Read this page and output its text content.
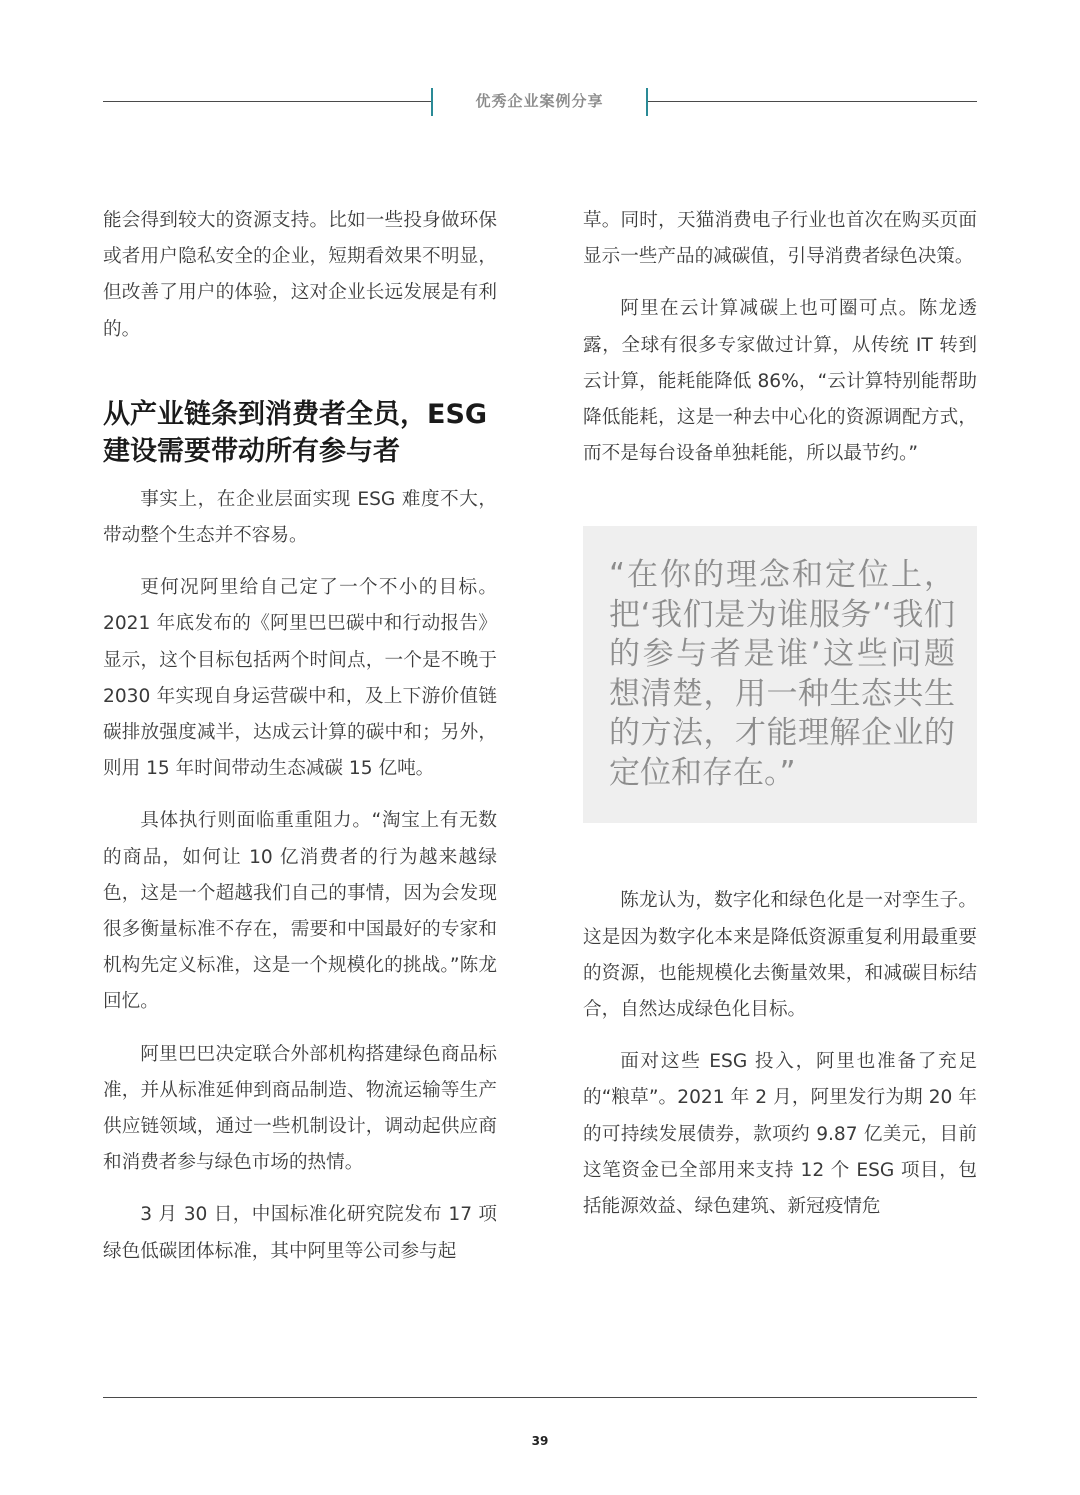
优秀企业案例分享

能会得到较大的资源支持。比如一些投身做环保或者用户隐私安全的企业，短期看效果不明显，但改善了用户的体验，这对企业长远发展是有利的。

从产业链条到消费者全员，ESG建设需要带动所有参与者

事实上，在企业层面实现 ESG 难度不大，带动整个生态并不容易。

更何况阿里给自己定了一个不小的目标。2021 年底发布的《阿里巴巴碳中和行动报告》显示，这个目标包括两个时间点，一个是不晚于 2030 年实现自身运营碳中和，及上下游价值链碳排放强度减半，达成云计算的碳中和；另外，则用 15 年时间带动生态减碳 15 亿吨。

具体执行则面临重重阻力。“淘宝上有无数的商品，如何让 10 亿消费者的行为越来越绿色，这是一个超越我们自己的事情，因为会发现很多衡量标准不存在，需要和中国最好的专家和机构先定义标准，这是一个规模化的挑战。”陈龙回忆。

阿里巴巴决定联合外部机构搭建绿色商品标准，并从标准延伸到商品制造、物流运输等生产供应链领域，通过一些机制设计，调动起供应商和消费者参与绿色市场的热情。

3 月 30 日，中国标准化研究院发布 17 项绿色低碳团体标准，其中阿里等公司参与起

草。同时，天猫消费电子行业也首次在购买页面显示一些产品的减碳值，引导消费者绿色决策。

阿里在云计算减碳上也可圈可点。陈龙透露，全球有很多专家做过计算，从传统 IT 转到云计算，能耗能降低 86%，“云计算特别能帮助降低能耗，这是一种去中心化的资源调配方式，而不是每台设备单独耗能，所以最节约。”

“在你的理念和定位上，把‘我们是为谁服务’‘我们的参与者是谁’这些问题想清楚，用一种生态共生的方法，才能理解企业的定位和存在。”

陈龙认为，数字化和绿色化是一对孪生子。这是因为数字化本来是降低资源重复利用最重要的资源，也能规模化去衡量效果，和减碳目标结合，自然达成绿色化目标。

面对这些 ESG 投入，阿里也准备了充足的“粮草”。2021 年 2 月，阿里发行为期 20 年的可持续发展债券，款项约 9.87 亿美元，目前这笔资金已全部用来支持 12 个 ESG 项目，包括能源效益、绿色建筑、新冠疫情危

39
